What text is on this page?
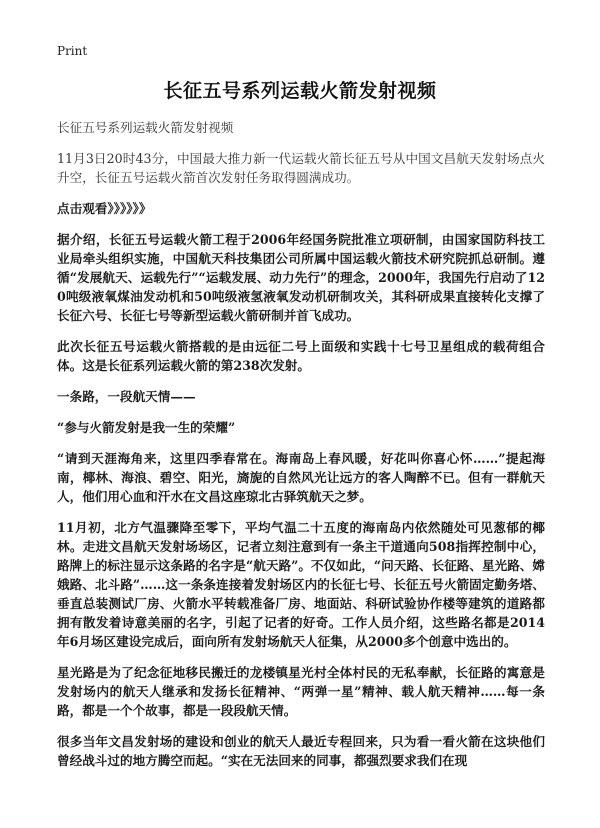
Print
长征五号系列运载火箭发射视频

长征五号系列运载火箭发射视频

11月3日20时43分，中国最大推力新一代运载火箭长征五号从中国文昌航天发射场点火升空，长征五号运载火箭首次发射任务取得圆满成功。

点击观看》》》》》》

据介绍，长征五号运载火箭工程于2006年经国务院批准立项研制，由国家国防科技工业局牵头组织实施，中国航天科技集团公司所属中国运载火箭技术研究院抓总研制。遵循“发展航天、运载先行”“运载发展、动力先行”的理念，2000年，我国先行启动了120吨级液氧煤油发动机和50吨级液氢液氧发动机研制攻关，其科研成果直接转化支撑了长征六号、长征七号等新型运载火箭研制并首飞成功。

此次长征五号运载火箭搭载的是由远征二号上面级和实践十七号卫星组成的载荷组合体。这是长征系列运载火箭的第238次发射。

一条路，一段航天情——

“参与火箭发射是我一生的荣耀”

“请到天涯海角来，这里四季春常在。海南岛上春风暖，好花叫你喜心怀……”提起海南，椰林、海浪、碧空、阳光，旖旎的自然风光让远方的客人陶醉不已。但有一群航天人，他们用心血和汗水在文昌这座琼北古驿筑航天之梦。

11月初，北方气温骤降至零下，平均气温二十五度的海南岛内依然随处可见葱郁的椰林。走进文昌航天发射场场区，记者立刻注意到有一条主干道通向508指挥控制中心，路牌上的标注显示这条路的名字是“航天路”。不仅如此，“问天路、长征路、星光路、嫦娥路、北斗路”……这一条条连接着发射场区内的长征七号、长征五号火箭固定勤务塔、垂直总装测试厂房、火箭水平转载准备厂房、地面站、科研试验协作楼等建筑的道路都拥有散发着诗意美丽的名字，引起了记者的好奇。工作人员介绍，这些路名都是2014年6月场区建设完成后，面向所有发射场航天人征集，从2000多个创意中选出的。

星光路是为了纪念征地移民搬迁的龙楼镇星光村全体村民的无私奉献，长征路的寓意是发射场内的航天人继承和发扬长征精神、“两弹一星”精神、载人航天精神……每一条路，都是一个个故事，都是一段段航天情。

很多当年文昌发射场的建设和创业的航天人最近专程回来，只为看一看火箭在这块他们曾经战斗过的地方腾空而起。“实在无法回来的同事，都强烈要求我们在现
